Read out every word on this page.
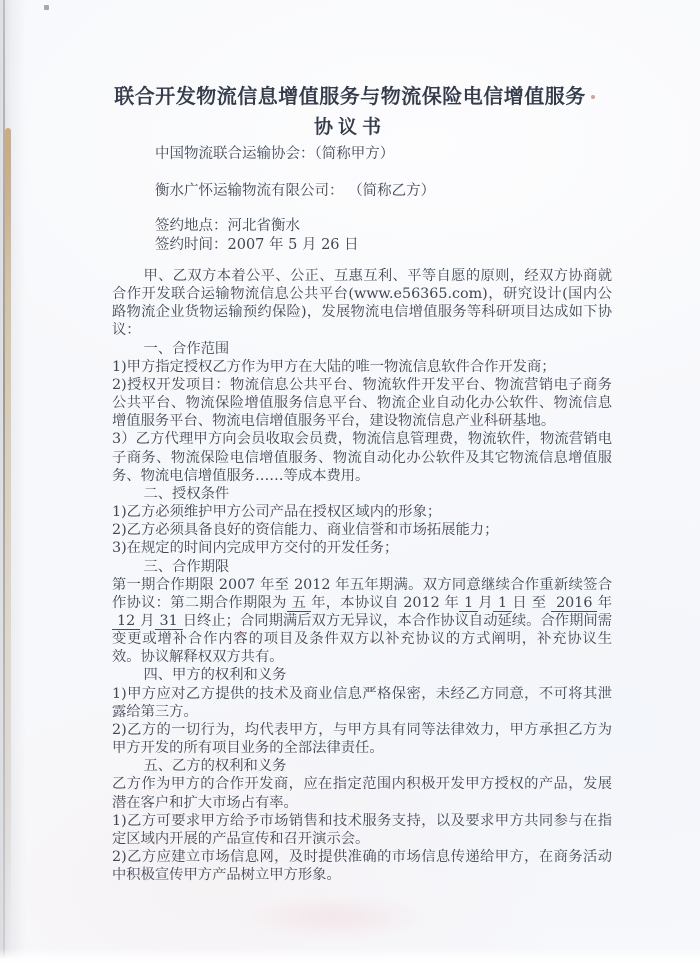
联合开发物流信息增值服务与物流保险电信增值服务
协议书
中国物流联合运输协会：（简称甲方）
衡水广怀运输物流有限公司： （简称乙方）
签约地点：河北省衡水
签约时间：2007 年 5 月 26 日

甲、乙双方本着公平、公正、互惠互利、平等自愿的原则，经双方协商就合作开发联合运输物流信息公共平台(www.e56365.com)，研究设计(国内公路物流企业货物运输预约保险)，发展物流电信增值服务等科研项目达成如下协议：

一、合作范围

1)甲方指定授权乙方作为甲方在大陆的唯一物流信息软件合作开发商；

2)授权开发项目：物流信息公共平台、物流软件开发平台、物流营销电子商务公共平台、物流保险增值服务信息平台、物流企业自动化办公软件、物流信息增值服务平台、物流电信增值服务平台，建设物流信息产业科研基地。

3）乙方代理甲方向会员收取会员费，物流信息管理费，物流软件，物流营销电子商务、物流保险电信增值服务、物流自动化办公软件及其它物流信息增值服务、物流电信增值服务……等成本费用。

二、授权条件

1)乙方必须维护甲方公司产品在授权区域内的形象；

2)乙方必须具备良好的资信能力、商业信誉和市场拓展能力；

3)在规定的时间内完成甲方交付的开发任务；

三、合作期限

第一期合作期限 2007 年至 2012 年五年期满。双方同意继续合作重新续签合作协议：第二期合作期限为 五 年，本协议自 2012 年 1 月 1 日 至 2016 年12 月 31 日终止；合同期满后双方无异议，本合作协议自动延续。合作期间需变更或增补合作内容的项目及条件双方以补充协议的方式阐明，补充协议生效。协议解释权双方共有。

四、甲方的权利和义务

1)甲方应对乙方提供的技术及商业信息严格保密，未经乙方同意，不可将其泄露给第三方。

2)乙方的一切行为，均代表甲方，与甲方具有同等法律效力，甲方承担乙方为甲方开发的所有项目业务的全部法律责任。

五、乙方的权利和义务

乙方作为甲方的合作开发商，应在指定范围内积极开发甲方授权的产品，发展潜在客户和扩大市场占有率。

1)乙方可要求甲方给予市场销售和技术服务支持，以及要求甲方共同参与在指定区域内开展的产品宣传和召开演示会。

2)乙方应建立市场信息网，及时提供准确的市场信息传递给甲方，在商务活动中积极宣传甲方产品树立甲方形象。
